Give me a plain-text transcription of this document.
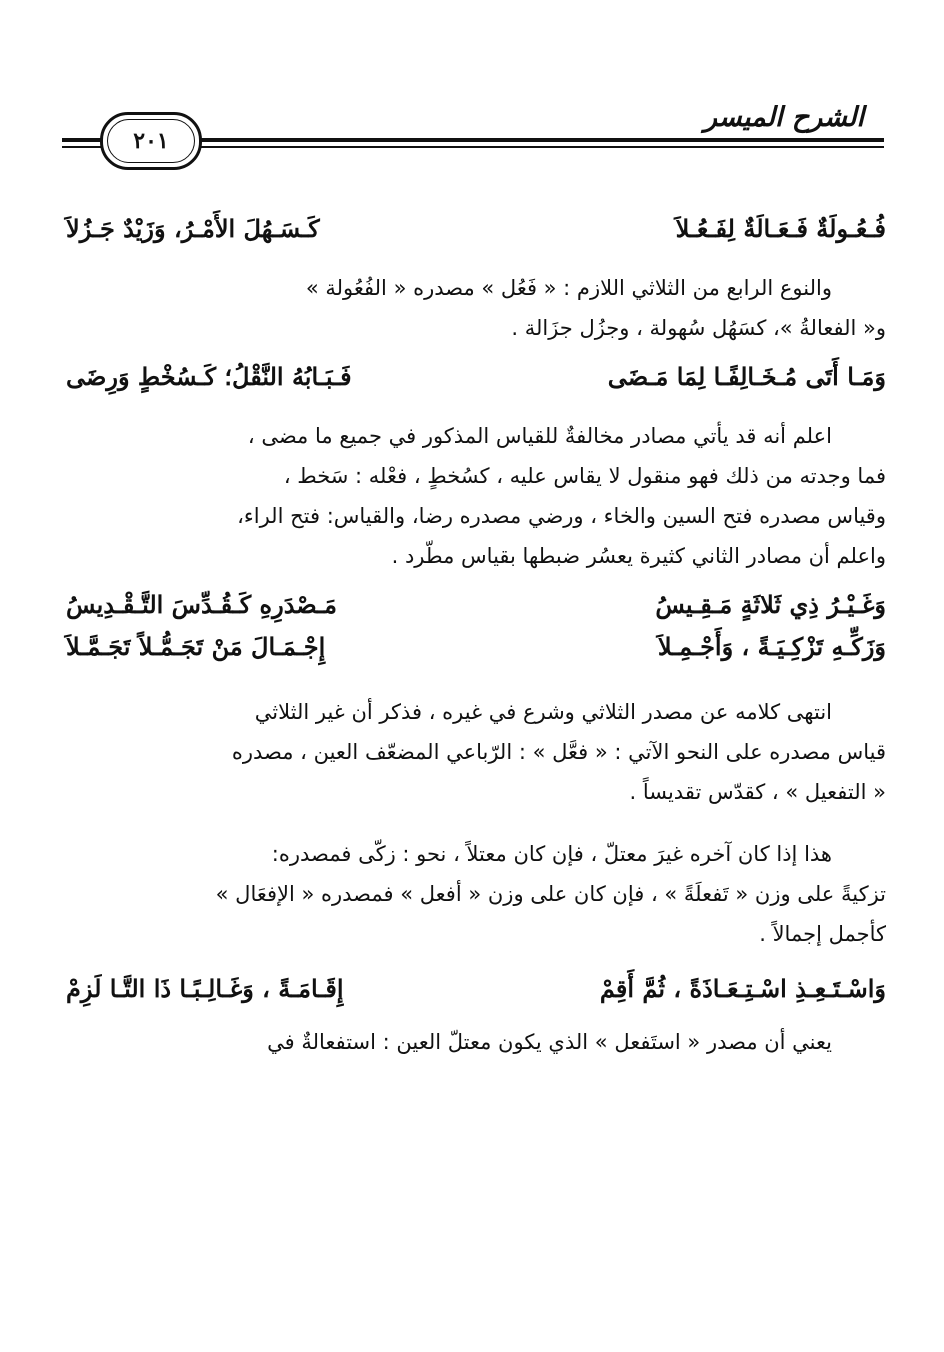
الشرح الميسر
٢٠١
فُـعُـولَةٌ فَـعَـالَةٌ لِفَـعُـلاَ
كَـسَـهُلَ الأَمْـرُ، وَزَيْدٌ جَـزُلاَ

والنوع الرابع من الثلاثي اللازم : « فَعُل » مصدره « الفُعُولة »
و« الفعالةُ »، كسَهُل سُهولة ، وجزُل جزَالة .

وَمَـا أَتَى مُـخَـالِفًـا لِمَا مَـضَى
فَـبَـابُهُ النَّقْلُ؛ كَـسُخْطٍ وَرِضَى

اعلم أنه قد يأتي مصادر مخالفةٌ للقياس المذكور في جميع ما مضى ،
فما وجدته من ذلك فهو منقول لا يقاس عليه ، كسُخطٍ ، فعْله : سَخط ،
وقياس مصدره فتح السين والخاء ، ورضي مصدره رضا، والقياس: فتح الراء،
واعلم أن مصادر الثاني كثيرة يعسُر ضبطها بقياس مطّرد .

وَغَـيْـرُ ذِي ثَلاثَةٍ مَـقِـيسُ
مَـصْدَرِهِ كَـقُـدِّسَ التَّـقْـدِيسُ
وَزَكِّـهِ تَزْكِـيَـةً ، وَأَجْـمِـلاَ
إِجْـمَـالَ مَنْ تَجَـمُّـلاً تَجَـمَّـلاَ

انتهى كلامه عن مصدر الثلاثي وشرع في غيره ، فذكر أن غير الثلاثي
قياس مصدره على النحو الآتي : « فعَّل » : الرّباعي المضعّف العين ، مصدره
« التفعيل » ، كقدّس تقديساً .

هذا إذا كان آخره غيرَ معتلّ ، فإن كان معتلاً ، نحو : زكّى فمصدره:
تزكيةً على وزن « تَفعلَةً » ، فإن كان على وزن « أفعل » فمصدره « الإفعَال »
كأجمل إجمالاً .

وَاسْـتَـعِـذِ اسْـتِـعَـاذَةً ، ثُمَّ أَقِمْ
إِقَـامَـةً ، وَغَـالِـبًـا ذَا التَّـا لَزِمْ

يعني أن مصدر « استَفعل » الذي يكون معتلّ العين : استفعالةٌ في
